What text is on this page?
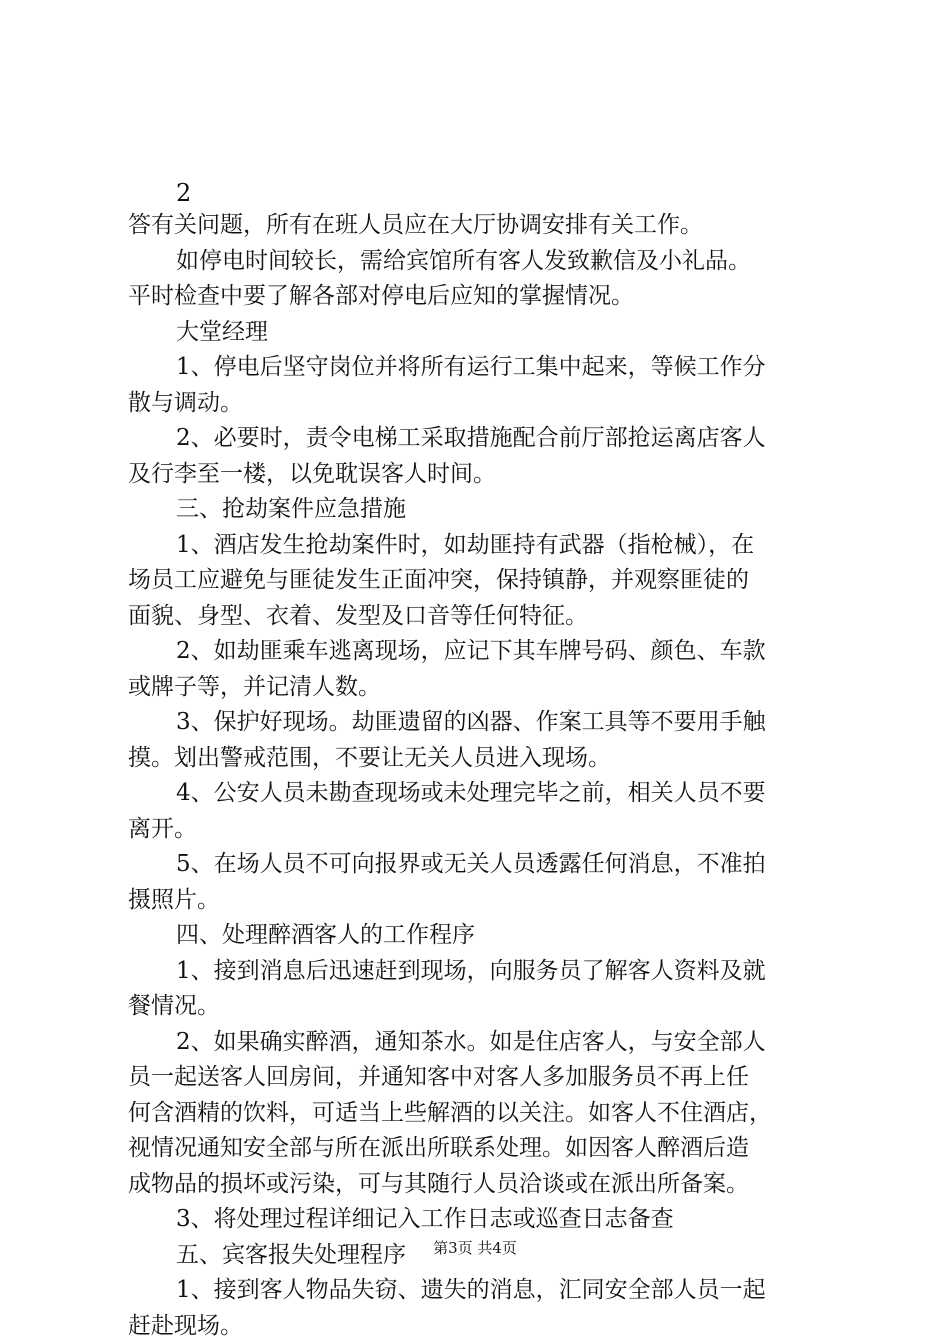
2
答有关问题，所有在班人员应在大厅协调安排有关工作。
如停电时间较长，需给宾馆所有客人发致歉信及小礼品。
平时检查中要了解各部对停电后应知的掌握情况。
大堂经理
1、停电后坚守岗位并将所有运行工集中起来，等候工作分
散与调动。
2、必要时，责令电梯工采取措施配合前厅部抢运离店客人
及行李至一楼，以免耽误客人时间。
三、抢劫案件应急措施
1、酒店发生抢劫案件时，如劫匪持有武器（指枪械），在
场员工应避免与匪徒发生正面冲突，保持镇静，并观察匪徒的
面貌、身型、衣着、发型及口音等任何特征。
2、如劫匪乘车逃离现场，应记下其车牌号码、颜色、车款
或牌子等，并记清人数。
3、保护好现场。劫匪遗留的凶器、作案工具等不要用手触
摸。划出警戒范围，不要让无关人员进入现场。
4、公安人员未勘查现场或未处理完毕之前，相关人员不要
离开。
5、在场人员不可向报界或无关人员透露任何消息，不准拍
摄照片。
四、处理醉酒客人的工作程序
1、接到消息后迅速赶到现场，向服务员了解客人资料及就
餐情况。
2、如果确实醉酒，通知茶水。如是住店客人，与安全部人
员一起送客人回房间，并通知客中对客人多加服务员不再上任
何含酒精的饮料，可适当上些解酒的以关注。如客人不住酒店，
视情况通知安全部与所在派出所联系处理。如因客人醉酒后造
成物品的损坏或污染，可与其随行人员洽谈或在派出所备案。
3、将处理过程详细记入工作日志或巡查日志备查
五、宾客报失处理程序
1、接到客人物品失窃、遗失的消息，汇同安全部人员一起
赶赴现场。
第3页 共4页
